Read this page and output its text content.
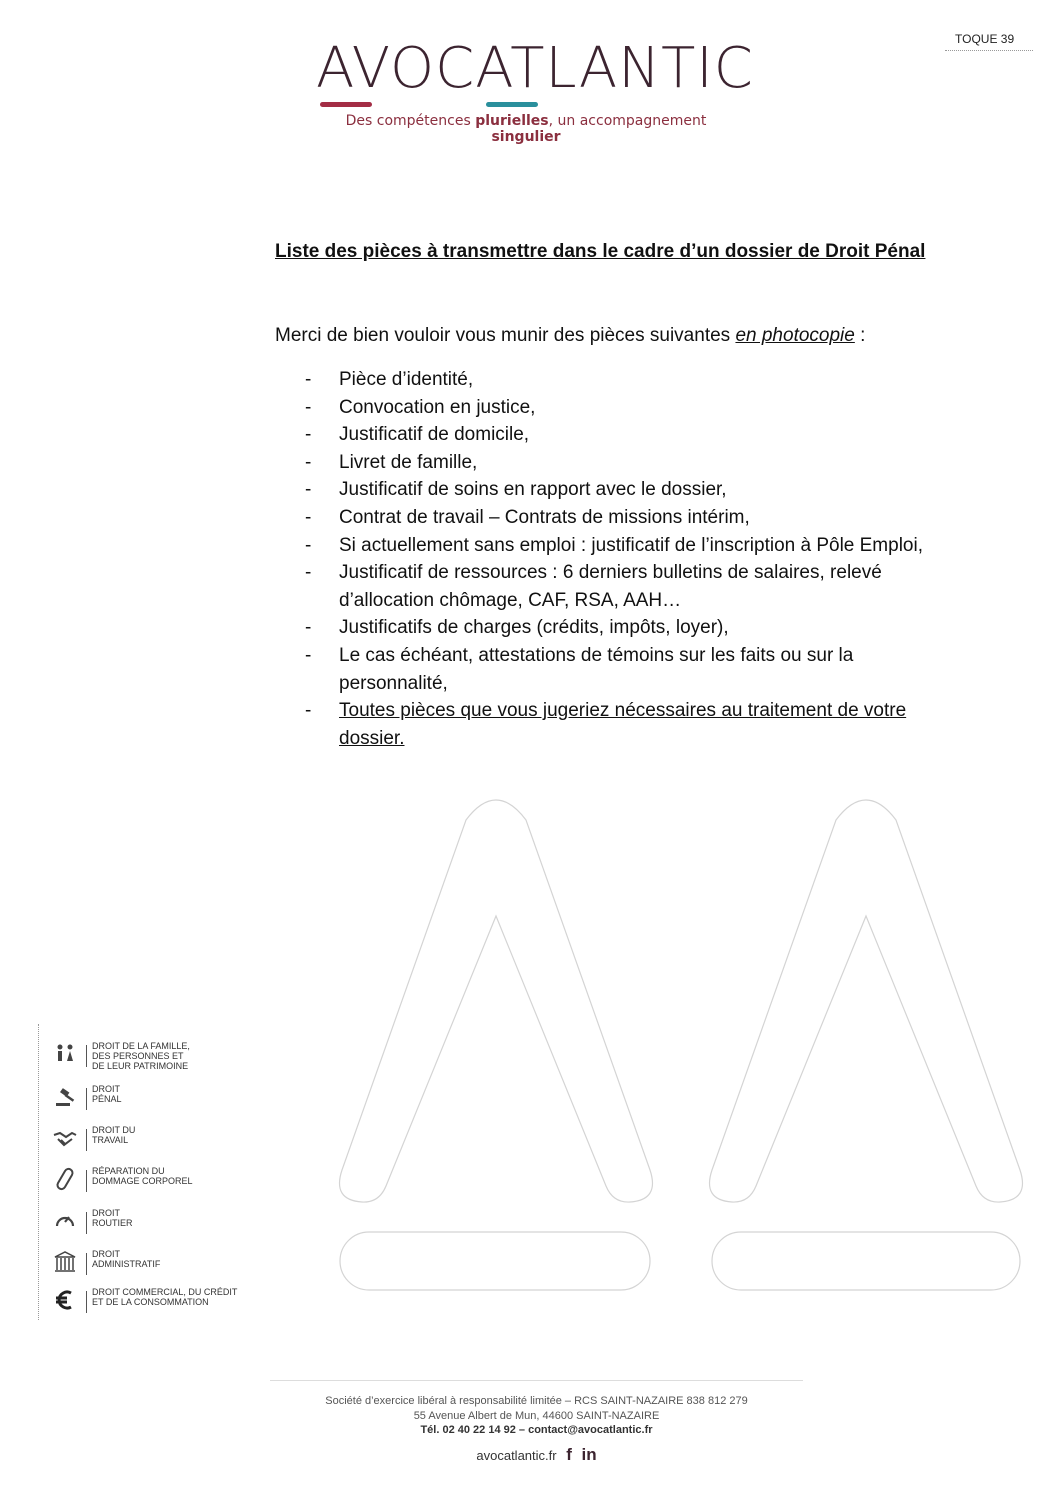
TOQUE 39
AVOCATLANTIC
Des compétences plurielles, un accompagnement singulier
Liste des pièces à transmettre dans le cadre d’un dossier de Droit Pénal
Merci de bien vouloir vous munir des pièces suivantes en photocopie :
- Pièce d’identité,
- Convocation en justice,
- Justificatif de domicile,
- Livret de famille,
- Justificatif de soins en rapport avec le dossier,
- Contrat de travail – Contrats de missions intérim,
- Si actuellement sans emploi : justificatif de l’inscription à Pôle Emploi,
- Justificatif de ressources : 6 derniers bulletins de salaires, relevé d’allocation chômage, CAF, RSA, AAH…
- Justificatifs de charges (crédits, impôts, loyer),
- Le cas échéant, attestations de témoins sur les faits ou sur la personnalité,
- Toutes pièces que vous jugeriez nécessaires au traitement de votre dossier.
DROIT DE LA FAMILLE,
DES PERSONNES ET
DE LEUR PATRIMOINE
DROIT
PÉNAL
DROIT DU
TRAVAIL
RÉPARATION DU
DOMMAGE CORPOREL
DROIT
ROUTIER
DROIT
ADMINISTRATIF
DROIT COMMERCIAL, DU CRÉDIT
ET DE LA CONSOMMATION
Société d’exercice libéral à responsabilité limitée – RCS SAINT-NAZAIRE 838 812 279
55 Avenue Albert de Mun, 44600 SAINT-NAZAIRE
Tél. 02 40 22 14 92 – contact@avocatlantic.fr
avocatlantic.fr f in
